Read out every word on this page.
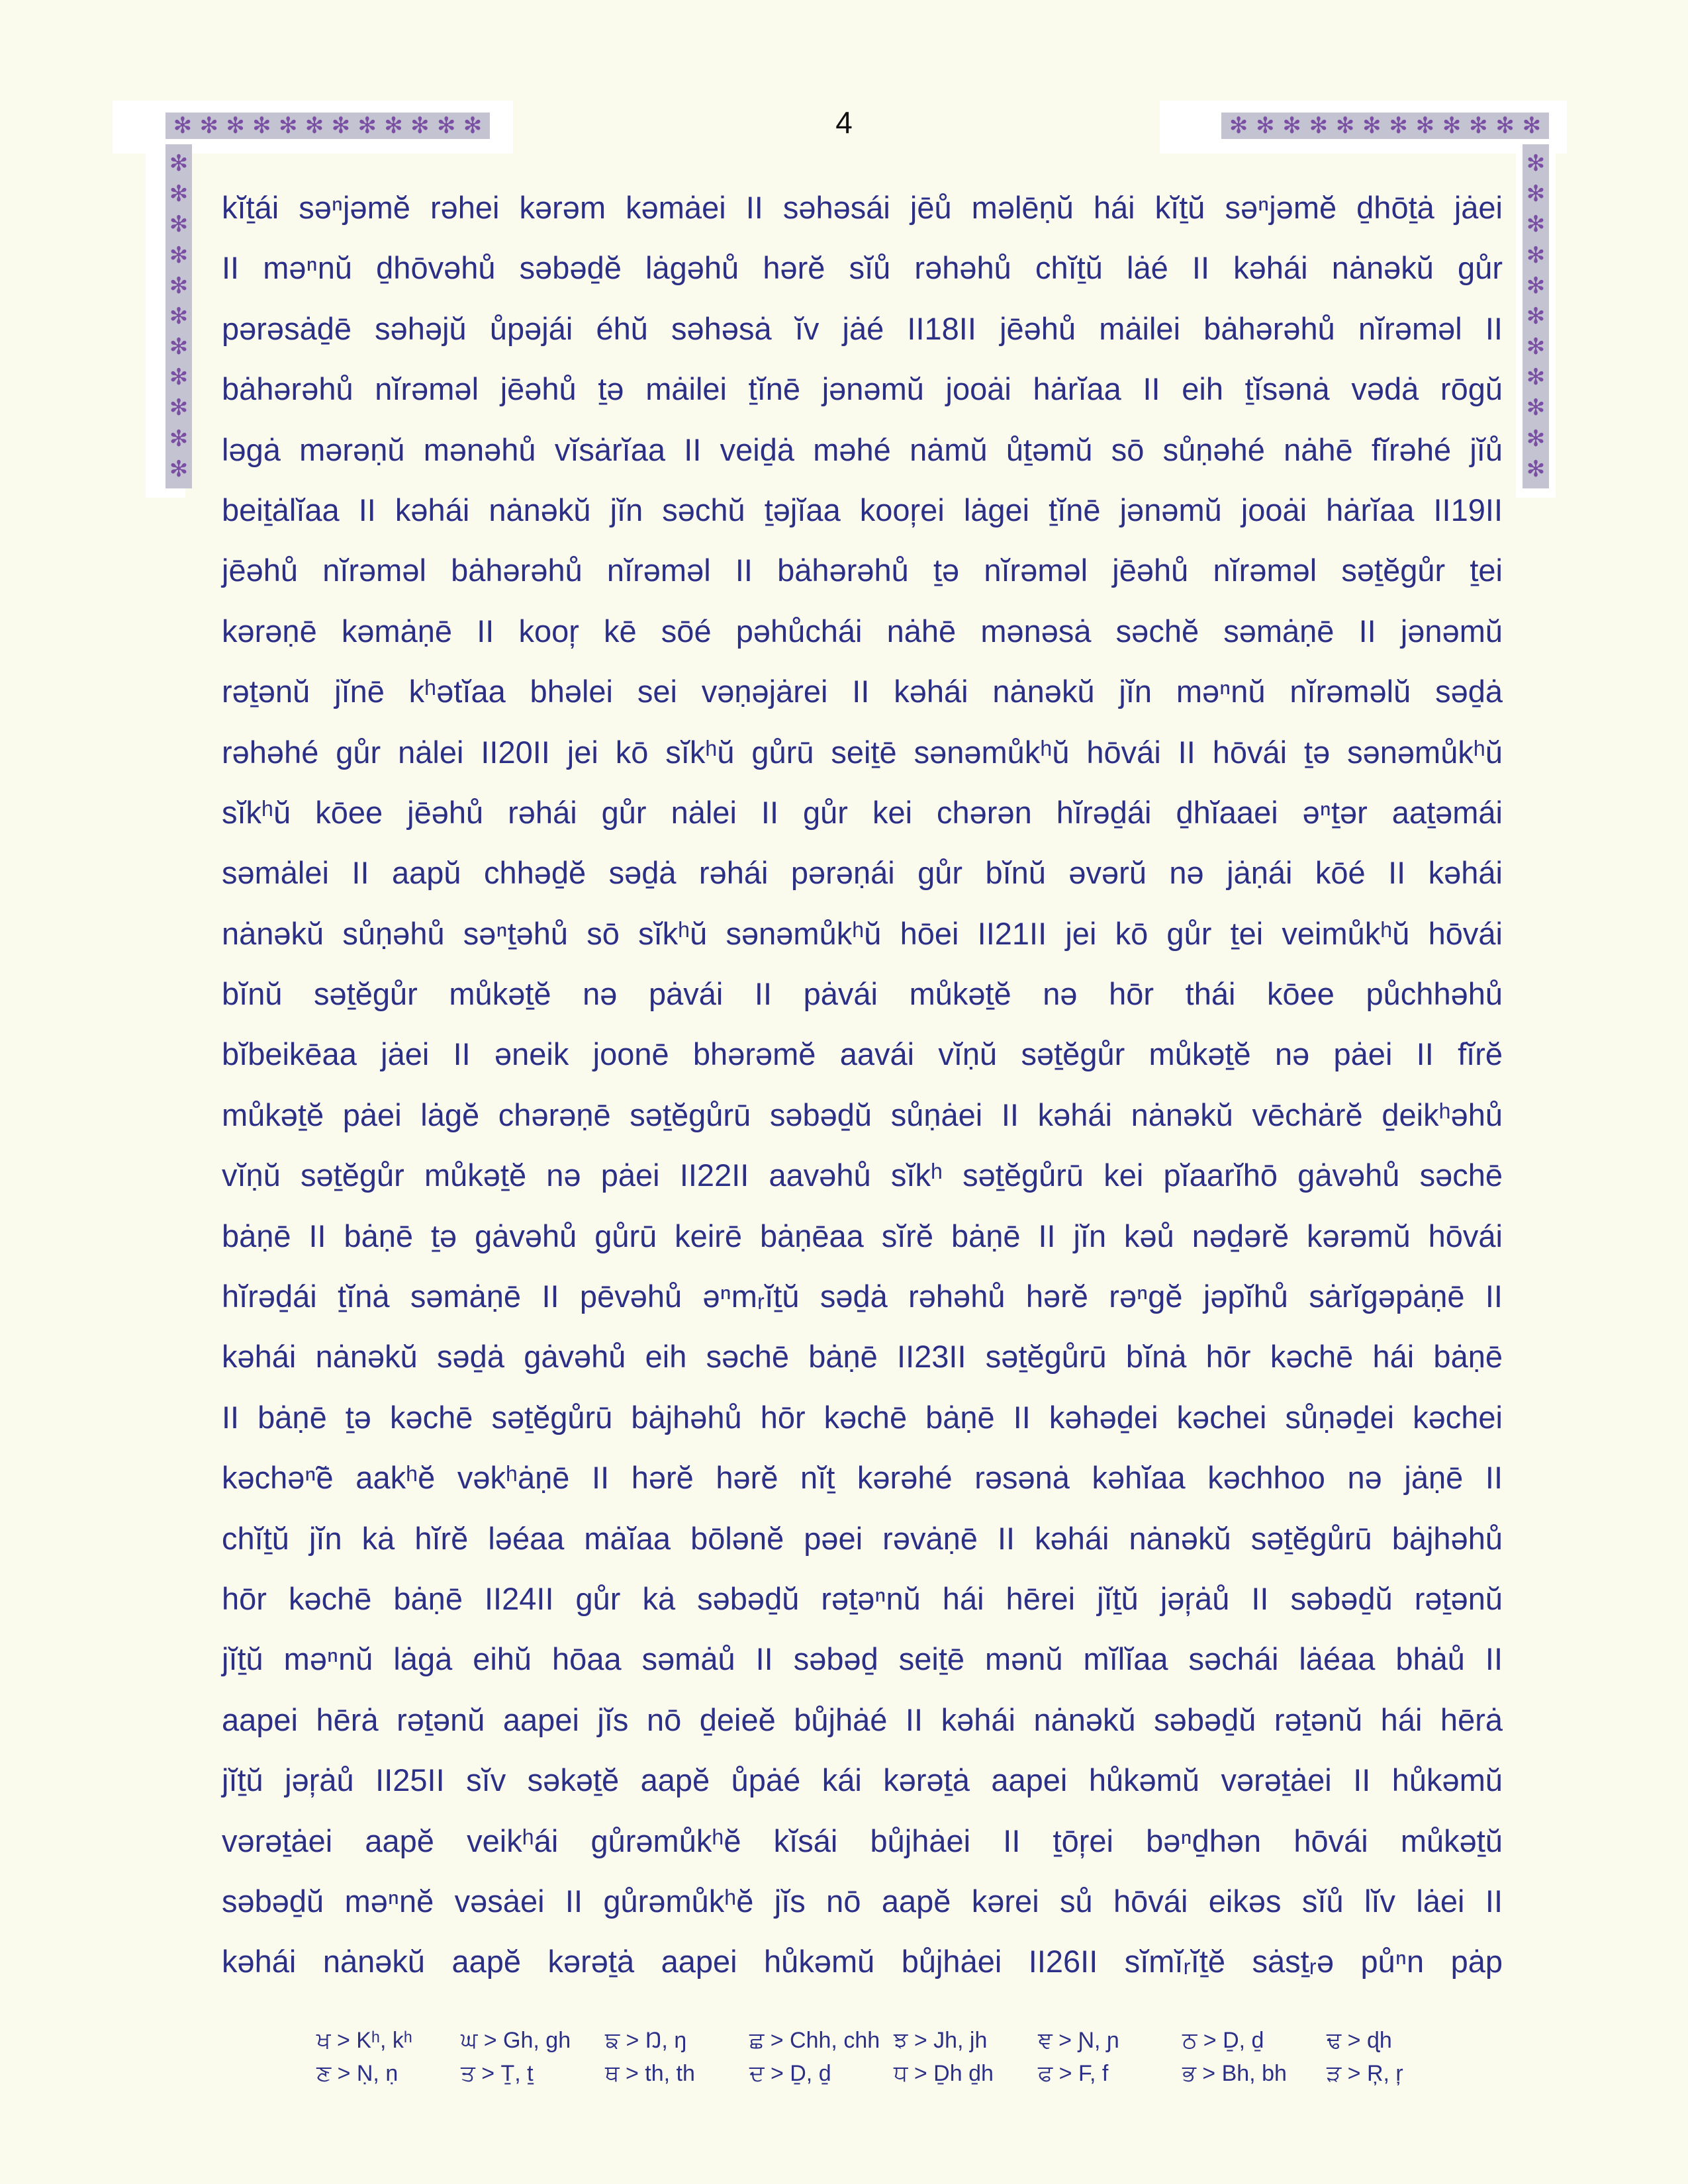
✻ ✻ ✻ ✻ ✻ ✻ ✻ ✻ ✻ ✻ ✻ ✻
✻
✻
✻
✻
✻
✻
✻
✻
✻
✻
✻
✻ ✻ ✻ ✻ ✻ ✻ ✻ ✻ ✻ ✻ ✻ ✻
✻
✻
✻
✻
✻
✻
✻
✻
✻
✻
✻
4
kĭṯái səⁿjəmĕ rəhei kərəm kəmȧei II səhəsái jēů məlēṇŭ hái kĭṯŭ səⁿjəmĕ ḏhōṯȧ jȧei
II məⁿnŭ ḏhōvəhů səbəḏĕ lȧgəhů hərĕ sĭů rəhəhů chĭṯŭ lȧé II kəhái nȧnəkŭ gůr
pərəsȧḏē səhəjŭ ůpəjái éhŭ səhəsȧ ĭv jȧé II18II jēəhů mȧilei bȧhərəhů nĭrəməl II
bȧhərəhů nĭrəməl jēəhů ṯə mȧilei ṯĭnē jənəmŭ jooȧi hȧrĭaa II eih ṯĭsənȧ vədȧ rōgŭ
ləgȧ mərəṇŭ mənəhů vĭsȧrĭaa II veiḏȧ məhé nȧmŭ ůṯəmŭ sō sůṇəhé nȧhē fĭrəhé jĭů
beiṯȧlĭaa II kəhái nȧnəkŭ jĭn səchŭ ṯəjĭaa kooŗei lȧgei ṯĭnē jənəmŭ jooȧi hȧrĭaa II19II
jēəhů nĭrəməl bȧhərəhů nĭrəməl II bȧhərəhů ṯə nĭrəməl jēəhů nĭrəməl səṯĕgůr ṯei
kərəṇē kəmȧṇē II kooŗ kē sōé pəhůchái nȧhē mənəsȧ səchĕ səmȧṇē II jənəmŭ
rəṯənŭ jĭnē kʰətĭaa bhəlei sei vəṇəjȧrei II kəhái nȧnəkŭ jĭn məⁿnŭ nĭrəməlŭ səḏȧ
rəhəhé gůr nȧlei II20II jei kō sĭkʰŭ gůrū seiṯē sənəmůkʰŭ hōvái II hōvái ṯə sənəmůkʰŭ
sĭkʰŭ kōee jēəhů rəhái gůr nȧlei II gůr kei chərən hĭrəḏái ḏhĭaaei əⁿṯər aaṯəmái
səmȧlei II aapŭ chhəḏĕ səḏȧ rəhái pərəṇái gůr bĭnŭ əvərŭ nə jȧṇái kōé II kəhái
nȧnəkŭ sůṇəhů səⁿṯəhů sō sĭkʰŭ sənəmůkʰŭ hōei II21II jei kō gůr ṯei veimůkʰŭ hōvái
bĭnŭ səṯĕgůr můkəṯĕ nə pȧvái II pȧvái můkəṯĕ nə hōr thái kōee půchhəhů
bĭbeikēaa jȧei II əneik joonē bhərəmĕ aavái vĭṇŭ səṯĕgůr můkəṯĕ nə pȧei II fĭrĕ
můkəṯĕ pȧei lȧgĕ chərəṇē səṯĕgůrū səbəḏŭ sůṇȧei II kəhái nȧnəkŭ vēchȧrĕ ḏeikʰəhů
vĭṇŭ səṯĕgůr můkəṯĕ nə pȧei II22II aavəhů sĭkʰ səṯĕgůrū kei pĭaarĭhō gȧvəhů səchē
bȧṇē II bȧṇē ṯə gȧvəhů gůrū keirē bȧṇēaa sĭrĕ bȧṇē II jĭn kəů nəḏərĕ kərəmŭ hōvái
hĭrəḏái ṯĭnȧ səmȧṇē II pēvəhů əⁿmᵣĭṯŭ səḏȧ rəhəhů hərĕ rəⁿgĕ jəpĭhů sȧrĭgəpȧṇē II
kəhái nȧnəkŭ səḏȧ gȧvəhů eih səchē bȧṇē II23II səṯĕgůrū bĭnȧ hōr kəchē hái bȧṇē
II bȧṇē ṯə kəchē səṯĕgůrū bȧjhəhů hōr kəchē bȧṇē II kəhəḏei kəchei sůṇəḏei kəchei
kəchəⁿ̃ē aakʰĕ vəkʰȧṇē II hərĕ hərĕ nĭṯ kərəhé rəsənȧ kəhĭaa kəchhoo nə jȧṇē II
chĭṯŭ jĭn kȧ hĭrĕ ləéaa mȧĭaa bōlənĕ pəei rəvȧṇē II kəhái nȧnəkŭ səṯĕgůrū bȧjhəhů
hōr kəchē bȧṇē II24II gůr kȧ səbəḏŭ rəṯəⁿnŭ hái hērei jĭṯŭ jəŗȧů II səbəḏŭ rəṯənŭ
jĭṯŭ məⁿnŭ lȧgȧ eihŭ hōaa səmȧů II səbəḏ seiṯē mənŭ mĭlĭaa səchái lȧéaa bhȧů II
aapei hērȧ rəṯənŭ aapei jĭs nō ḏeieĕ bůjhȧé II kəhái nȧnəkŭ səbəḏŭ rəṯənŭ hái hērȧ
jĭṯŭ jəŗȧů II25II sĭv səkəṯĕ aapĕ ůpȧé kái kərəṯȧ aapei hůkəmŭ vərəṯȧei II hůkəmŭ
vərəṯȧei aapĕ veikʰái gůrəmůkʰĕ kĭsái bůjhȧei II ṯōŗei bəⁿḏhən hōvái můkəṯŭ
səbəḏŭ məⁿnĕ vəsȧei II gůrəmůkʰĕ jĭs nō aapĕ kərei sů hōvái eikəs sĭů lĭv lȧei II
kəhái nȧnəkŭ aapĕ kərəṯȧ aapei hůkəmŭ bůjhȧei II26II sĭmĭᵣĭṯĕ sȧsṯᵣə půⁿn pȧp
ਖ > Kʰ, kʰ	ਘ > Gh, gh	ਙ > Ŋ, ŋ	ਛ > Chh, chh ਝ > Jh, jh	ਞ > Ɲ, ɲ	ਠ > Ḏ, ḏ	ਢ > ɖh
ਣ > Ṇ, ṇ	ਤ > Ṯ, ṯ	ਥ > th, th	ਦ > Ḏ, ḏ	ਧ > Ḏh ḏh	ਫ > F, f	ਭ > Bh, bh	ੜ > Ŗ, ŗ
